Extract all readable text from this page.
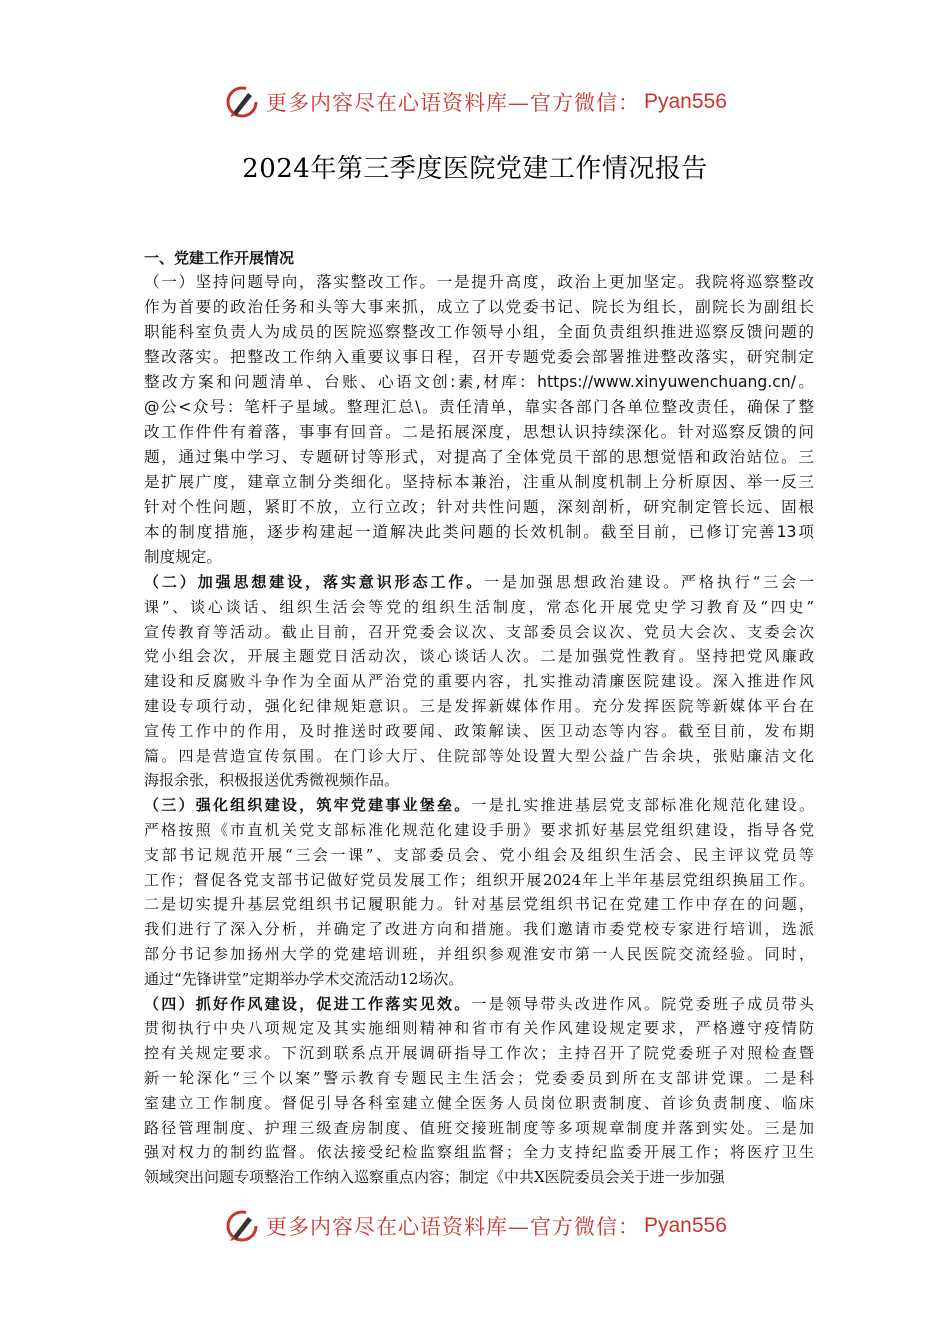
更多内容尽在心语资料库—官方微信： Pyan556
2024年第三季度医院党建工作情况报告
一、党建工作开展情况
（一）坚持问题导向，落实整改工作。一是提升高度，政治上更加坚定。我院将巡察整改
作为首要的政治任务和头等大事来抓，成立了以党委书记、院长为组长，副院长为副组长
职能科室负责人为成员的医院巡察整改工作领导小组，全面负责组织推进巡察反馈问题的
整改落实。把整改工作纳入重要议事日程，召开专题党委会部署推进整改落实，研究制定
整改方案和问题清单、台账、心语文创:素,材库：https://www.xinyuwenchuang.cn/。
@公<众号：笔杆子星域。整理汇总\。责任清单，靠实各部门各单位整改责任，确保了整
改工作件件有着落，事事有回音。二是拓展深度，思想认识持续深化。针对巡察反馈的问
题，通过集中学习、专题研讨等形式，对提高了全体党员干部的思想觉悟和政治站位。三
是扩展广度，建章立制分类细化。坚持标本兼治，注重从制度机制上分析原因、举一反三
针对个性问题，紧盯不放，立行立改；针对共性问题，深刻剖析，研究制定管长远、固根
本的制度措施，逐步构建起一道解决此类问题的长效机制。截至目前，已修订完善13项
制度规定。
（二）加强思想建设，落实意识形态工作。一是加强思想政治建设。严格执行“三会一
课”、谈心谈话、组织生活会等党的组织生活制度，常态化开展党史学习教育及“四史”
宣传教育等活动。截止目前，召开党委会议次、支部委员会议次、党员大会次、支委会次
党小组会次，开展主题党日活动次，谈心谈话人次。二是加强党性教育。坚持把党风廉政
建设和反腐败斗争作为全面从严治党的重要内容，扎实推动清廉医院建设。深入推进作风
建设专项行动，强化纪律规矩意识。三是发挥新媒体作用。充分发挥医院等新媒体平台在
宣传工作中的作用，及时推送时政要闻、政策解读、医卫动态等内容。截至目前，发布期
篇。四是营造宣传氛围。在门诊大厅、住院部等处设置大型公益广告余块，张贴廉洁文化
海报余张，积极报送优秀微视频作品。
（三）强化组织建设，筑牢党建事业堡垒。一是扎实推进基层党支部标准化规范化建设。
严格按照《市直机关党支部标准化规范化建设手册》要求抓好基层党组织建设，指导各党
支部书记规范开展“三会一课”、支部委员会、党小组会及组织生活会、民主评议党员等
工作；督促各党支部书记做好党员发展工作；组织开展2024年上半年基层党组织换届工作。
二是切实提升基层党组织书记履职能力。针对基层党组织书记在党建工作中存在的问题，
我们进行了深入分析，并确定了改进方向和措施。我们邀请市委党校专家进行培训，选派
部分书记参加扬州大学的党建培训班，并组织参观淮安市第一人民医院交流经验。同时，
通过“先锋讲堂”定期举办学术交流活动12场次。
（四）抓好作风建设，促进工作落实见效。一是领导带头改进作风。院党委班子成员带头
贯彻执行中央八项规定及其实施细则精神和省市有关作风建设规定要求，严格遵守疫情防
控有关规定要求。下沉到联系点开展调研指导工作次；主持召开了院党委班子对照检查暨
新一轮深化“三个以案”警示教育专题民主生活会；党委委员到所在支部讲党课。二是科
室建立工作制度。督促引导各科室建立健全医务人员岗位职责制度、首诊负责制度、临床
路径管理制度、护理三级查房制度、值班交接班制度等多项规章制度并落到实处。三是加
强对权力的制约监督。依法接受纪检监察组监督；全力支持纪监委开展工作；将医疗卫生
领域突出问题专项整治工作纳入巡察重点内容；制定《中共X医院委员会关于进一步加强
更多内容尽在心语资料库—官方微信： Pyan556
